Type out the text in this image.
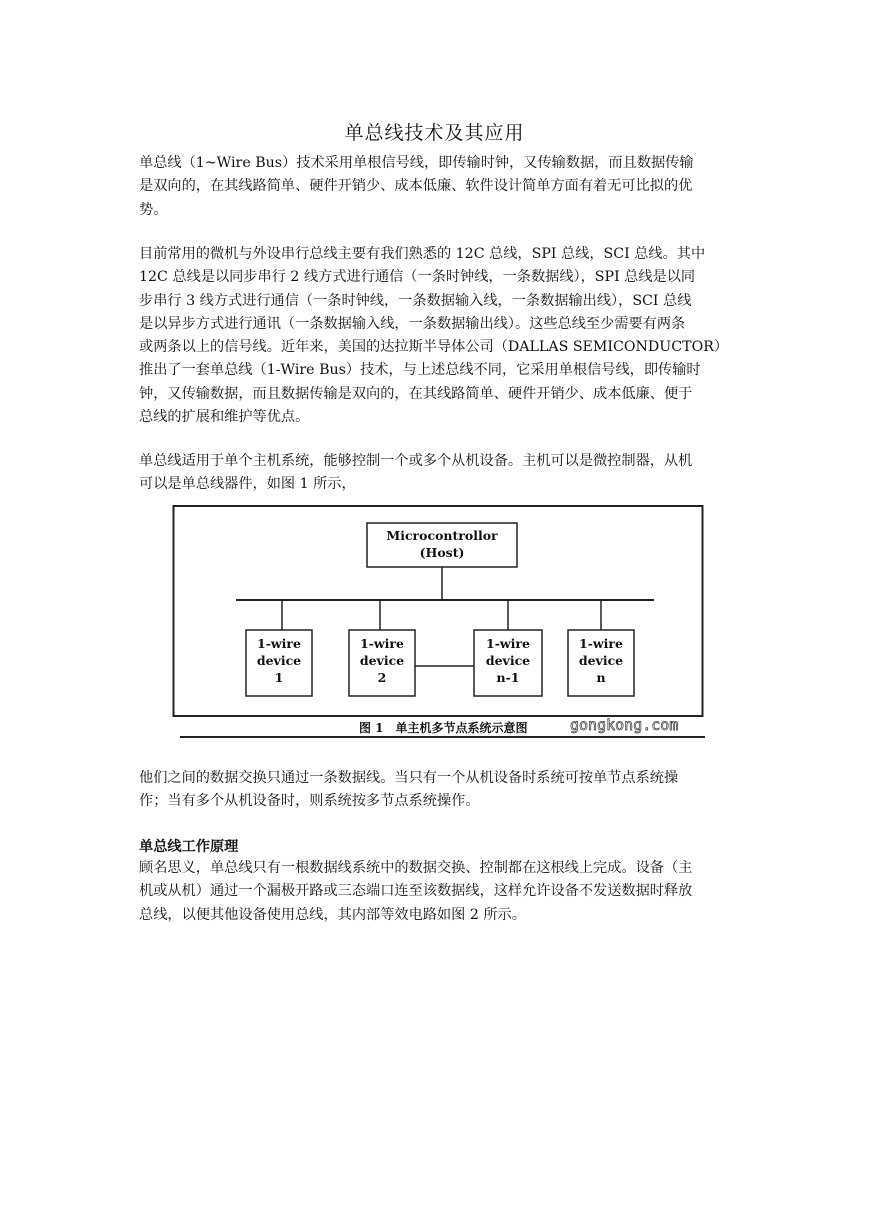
单总线技术及其应用

单总线（1~Wire Bus）技术采用单根信号线，即传输时钟，又传输数据，而且数据传输
是双向的，在其线路简单、硬件开销少、成本低廉、软件设计简单方面有着无可比拟的优
势。

目前常用的微机与外设串行总线主要有我们熟悉的 12C 总线，SPI 总线，SCI 总线。其中
12C 总线是以同步串行 2 线方式进行通信（一条时钟线，一条数据线），SPI 总线是以同
步串行 3 线方式进行通信（一条时钟线，一条数据输入线，一条数据输出线），SCI 总线
是以异步方式进行通讯（一条数据输入线，一条数据输出线）。这些总线至少需要有两条
或两条以上的信号线。近年来，美国的达拉斯半导体公司（DALLAS SEMICONDUCTOR）
推出了一套单总线（1-Wire Bus）技术，与上述总线不同，它采用单根信号线，即传输时
钟，又传输数据，而且数据传输是双向的，在其线路简单、硬件开销少、成本低廉、便于
总线的扩展和维护等优点。

单总线适用于单个主机系统，能够控制一个或多个从机设备。主机可以是微控制器，从机
可以是单总线器件，如图 1 所示，

Microcontrollor
(Host)
1-wire
device
1
1-wire
device
2
1-wire
device
n-1
1-wire
device
n
图 1　单主机多节点系统示意图	gongkong.com

他们之间的数据交换只通过一条数据线。当只有一个从机设备时系统可按单节点系统操
作；当有多个从机设备时，则系统按多节点系统操作。

单总线工作原理

顾名思义，单总线只有一根数据线系统中的数据交换、控制都在这根线上完成。设备（主
机或从机）通过一个漏极开路或三态端口连至该数据线，这样允许设备不发送数据时释放
总线，以便其他设备使用总线，其内部等效电路如图 2 所示。
